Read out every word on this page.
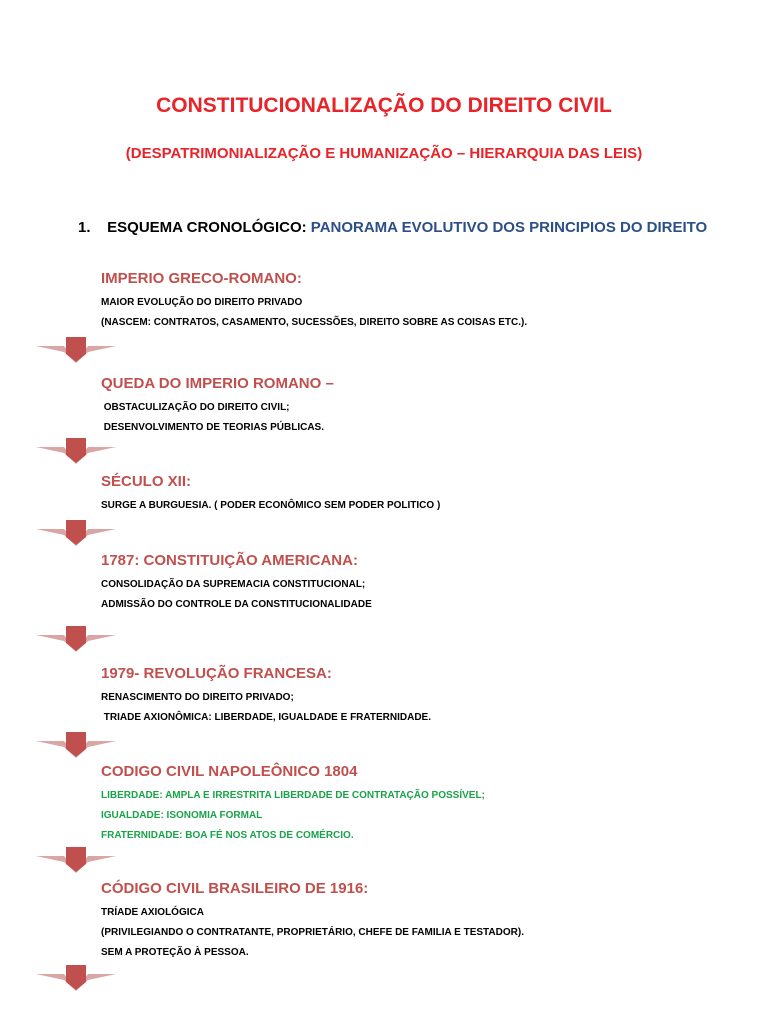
CONSTITUCIONALIZAÇÃO DO DIREITO CIVIL
(DESPATRIMONIALIZAÇÃO E HUMANIZAÇÃO – HIERARQUIA DAS LEIS)
1. ESQUEMA CRONOLÓGICO: PANORAMA EVOLUTIVO DOS PRINCIPIOS DO DIREITO
IMPERIO GRECO-ROMANO:
MAIOR EVOLUÇÃO DO DIREITO PRIVADO
(NASCEM: CONTRATOS, CASAMENTO, SUCESSÕES, DIREITO SOBRE AS COISAS ETC.).
QUEDA DO IMPERIO ROMANO –
OBSTACULIZAÇÃO DO DIREITO CIVIL;
DESENVOLVIMENTO DE TEORIAS PÚBLICAS.
SÉCULO XII:
SURGE A BURGUESIA. ( PODER ECONÔMICO SEM PODER POLITICO )
1787: CONSTITUIÇÃO AMERICANA:
CONSOLIDAÇÃO DA SUPREMACIA CONSTITUCIONAL;
ADMISSÃO DO CONTROLE DA CONSTITUCIONALIDADE
1979- REVOLUÇÃO FRANCESA:
RENASCIMENTO DO DIREITO PRIVADO;
TRIADE AXIONÔMICA: LIBERDADE, IGUALDADE E FRATERNIDADE.
CODIGO CIVIL NAPOLEÔNICO 1804
LIBERDADE: AMPLA E IRRESTRITA LIBERDADE DE CONTRATAÇÃO POSSÍVEL;
IGUALDADE: ISONOMIA FORMAL
FRATERNIDADE: BOA FÉ NOS ATOS DE COMÉRCIO.
CÓDIGO CIVIL BRASILEIRO DE 1916:
TRÍADE AXIOLÓGICA
(PRIVILEGIANDO O CONTRATANTE, PROPRIETÁRIO, CHEFE DE FAMILIA E TESTADOR).
SEM A PROTEÇÃO À PESSOA.
